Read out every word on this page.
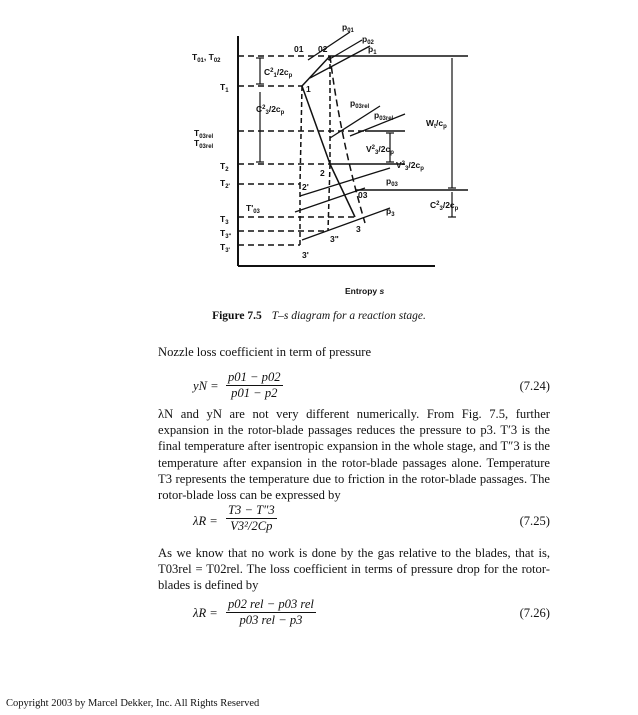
$T_{01}$, $T_{02}$
$T_1$
$T_{03rel}$
$T_{03rel}$
$T_2$
$T_{2'}$
$T'_{03}$
$T_3$
$T_{3"}$
$T_{3'}$
$p_{01}$
$p_{02}$
01 02	$p_1$
$C^2_1/2c_p$
$C^2_3/2c_p$
$p_{03rel}$
$p_{03rel}$	$W_t/c_p$
$V^2_3/2c_p$
$V^2_3/2c_p$
$p_{03}$
03
$p_3$
$C^2_3/2c_p$
1
2
2'
3
3"
3'
Entropy s
Figure 7.5 T–s diagram for a reaction stage.
Nozzle loss coefficient in term of pressure
yN = $\frac{p01 - p02}{p01 - p2}$	(7.24)
λN and yN are not very different numerically. From Fig. 7.5, further expansion in the rotor-blade passages reduces the pressure to p3. T′3 is the final temperature after isentropic expansion in the whole stage, and T″3 is the temperature after expansion in the rotor-blade passages alone. Temperature T3 represents the temperature due to friction in the rotor-blade passages. The rotor-blade loss can be expressed by
$\lambda R = \frac{T3 - T''3}{\text{V3²/2Cp}}$	(7.25)
As we know that no work is done by the gas relative to the blades, that is, T03rel = T02rel. The loss coefficient in terms of pressure drop for the rotor-blades is defined by
λR =
p02 rel − p03 rel
p03 rel − p3	(7.26)
Copyright 2003 by Marcel Dekker, Inc. All Rights Reserved
